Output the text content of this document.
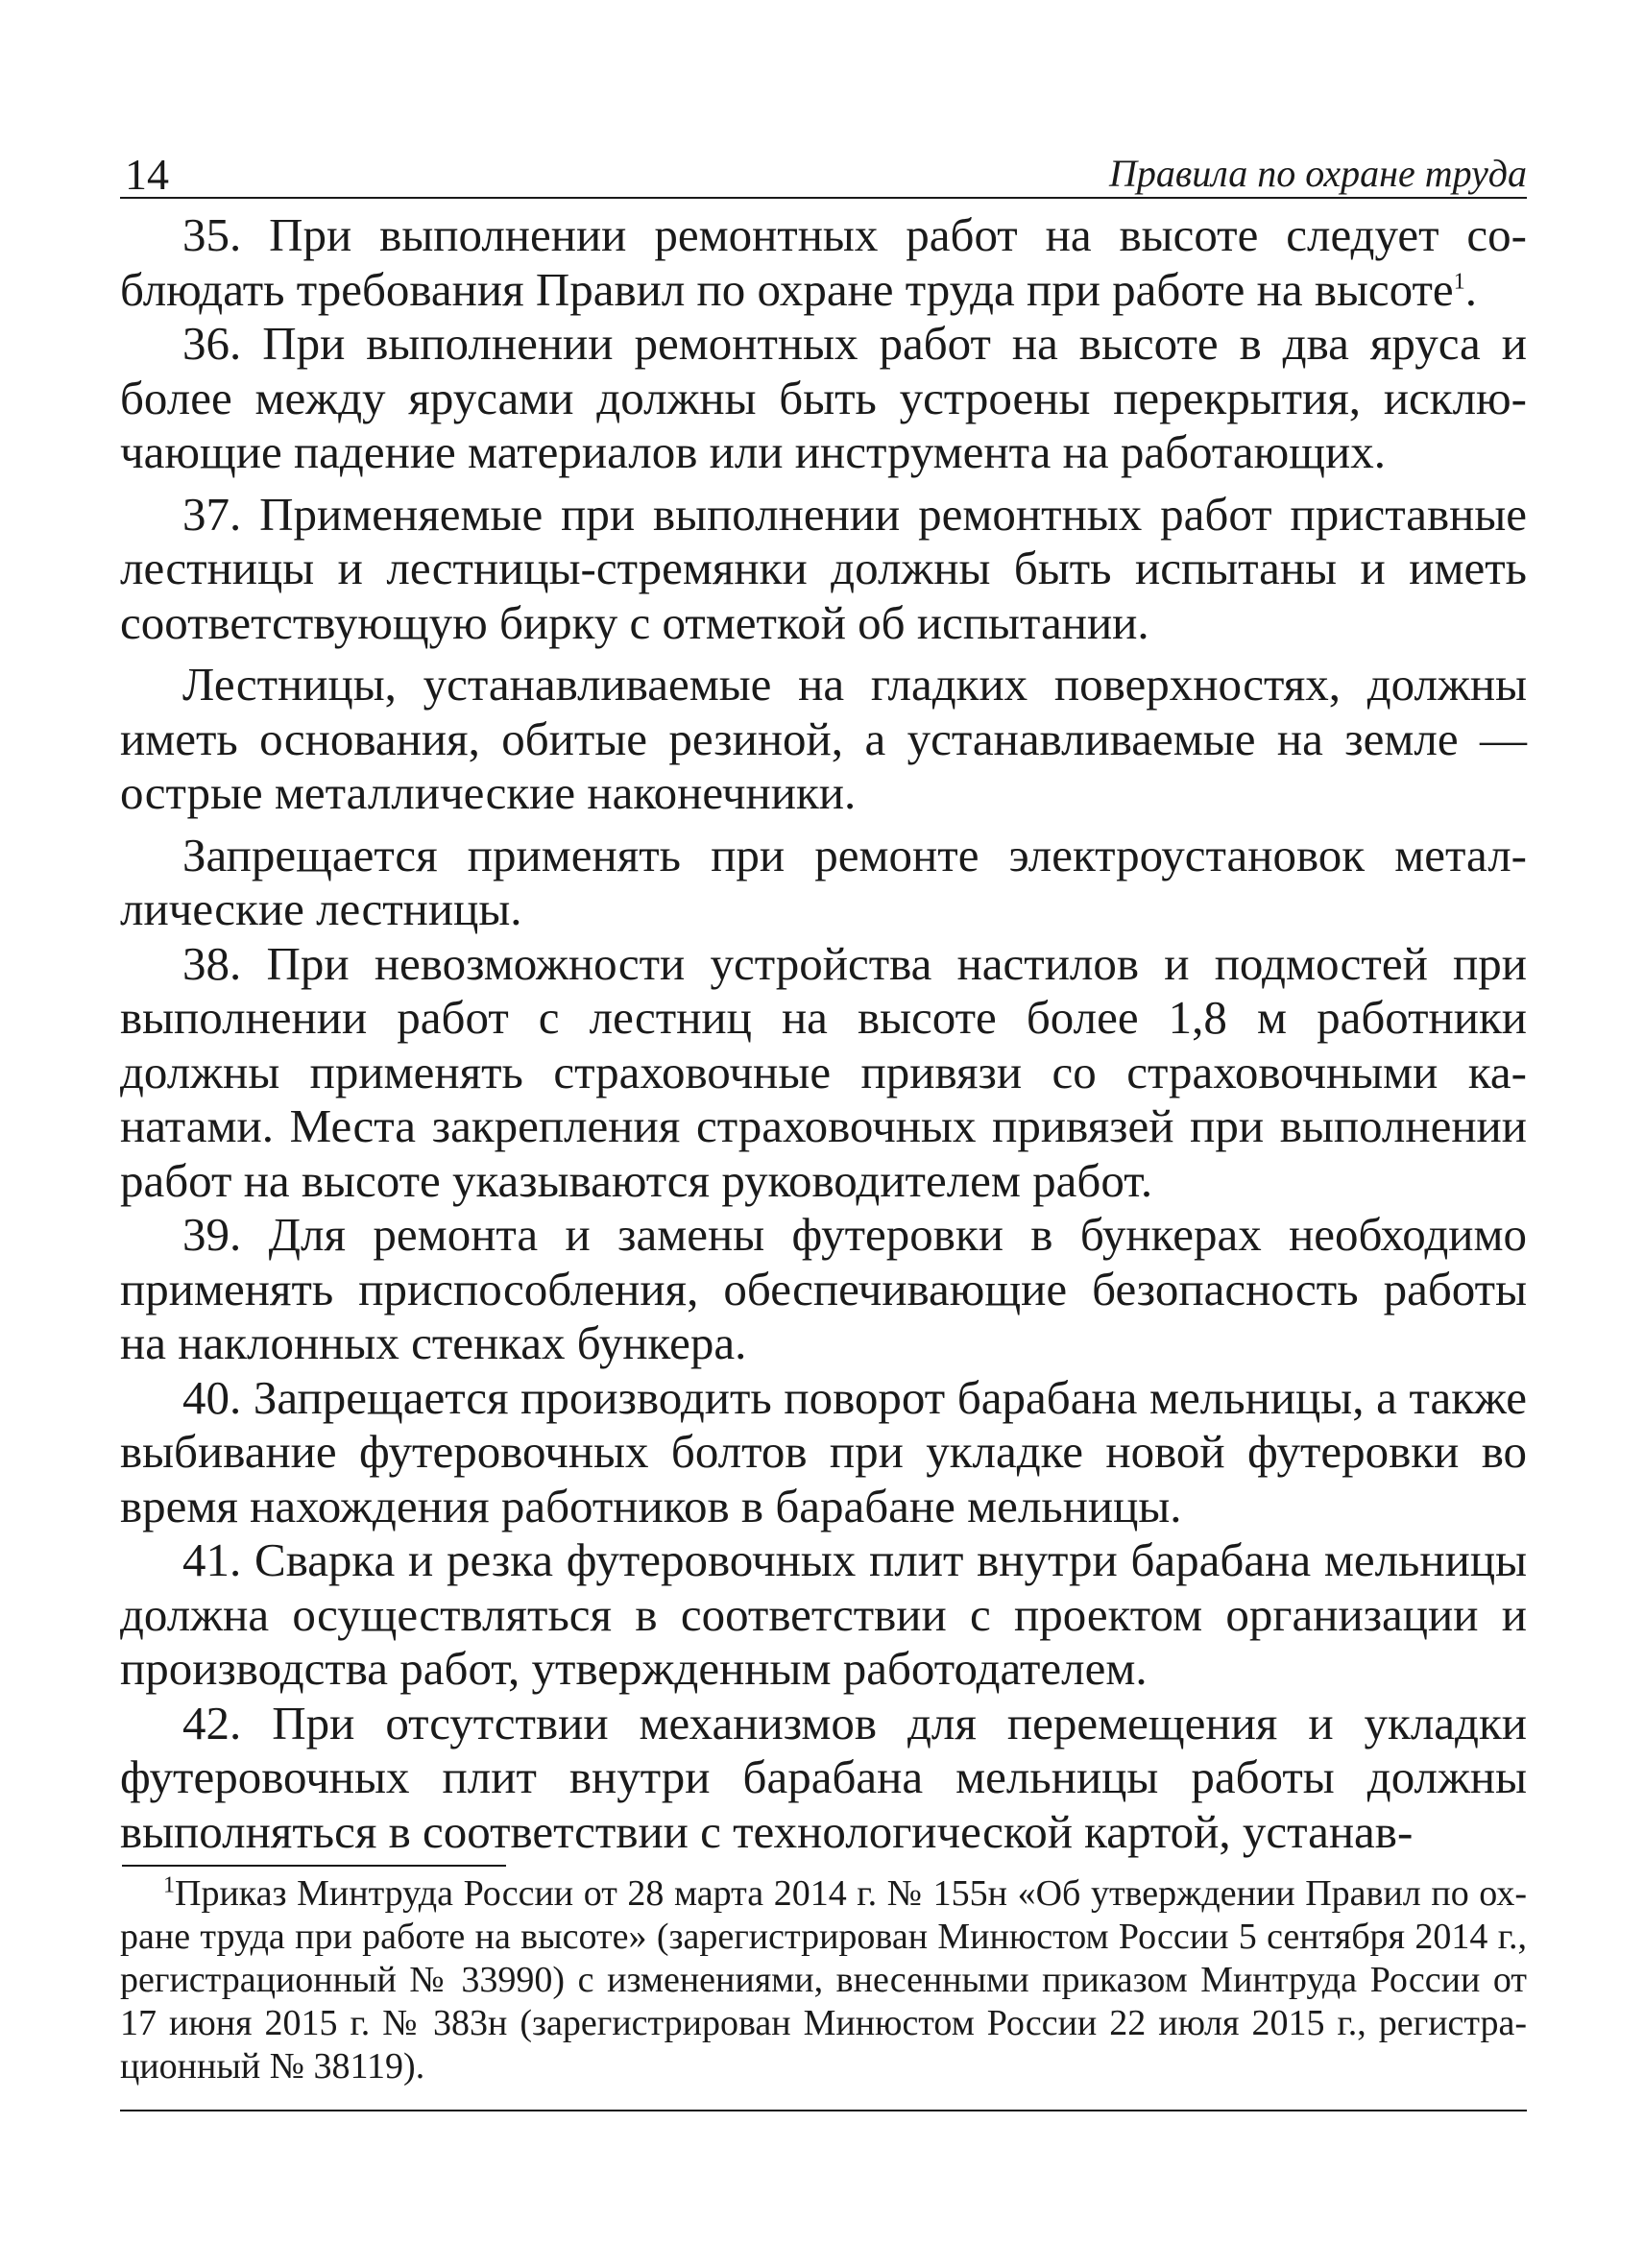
14	Правила по охране труда

35. При выполнении ремонтных работ на высоте следует соблюдать требования Правил по охране труда при работе на высоте$^1$.

36. При выполнении ремонтных работ на высоте в два яруса и более между ярусами должны быть устроены перекрытия, исключающие падение материалов или инструмента на работающих.

37. Применяемые при выполнении ремонтных работ приставные лестницы и лестницы-стремянки должны быть испытаны и иметь соответствующую бирку с отметкой об испытании.

Лестницы, устанавливаемые на гладких поверхностях, должны иметь основания, обитые резиной, а устанавливаемые на земле — острые металлические наконечники.

Запрещается применять при ремонте электроустановок металлические лестницы.

38. При невозможности устройства настилов и подмостей при выполнении работ с лестниц на высоте более 1,8 м работники должны применять страховочные привязи со страховочными канатами. Места закрепления страховочных привязей при выполнении работ на высоте указываются руководителем работ.

39. Для ремонта и замены футеровки в бункерах необходимо применять приспособления, обеспечивающие безопасность работы на наклонных стенках бункера.

40. Запрещается производить поворот барабана мельницы, а также выбивание футеровочных болтов при укладке новой футеровки во время нахождения работников в барабане мельницы.

41. Сварка и резка футеровочных плит внутри барабана мельницы должна осуществляться в соответствии с проектом организации и производства работ, утвержденным работодателем.

42. При отсутствии механизмов для перемещения и укладки футеровочных плит внутри барабана мельницы работы должны выполняться в соответствии с технологической картой, устанав-

$^1$Приказ Минтруда России от 28 марта 2014 г. № 155н «Об утверждении Правил по охране труда при работе на высоте» (зарегистрирован Минюстом России 5 сентября 2014 г., регистрационный № 33990) с изменениями, внесенными приказом Минтруда России от 17 июня 2015 г. № 383н (зарегистрирован Минюстом России 22 июля 2015 г., регистрационный № 38119).
